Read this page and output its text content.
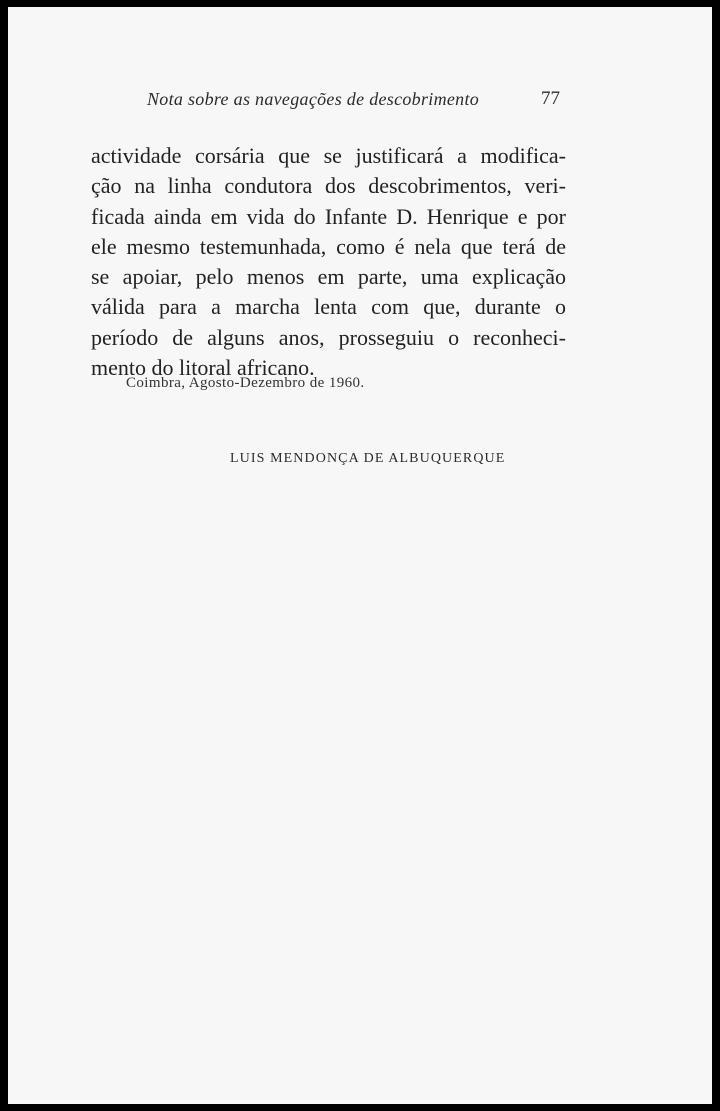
Nota sobre as navegações de descobrimento	77
actividade corsária que se justificará a modifica-
ção na linha condutora dos descobrimentos, veri-
ficada ainda em vida do Infante D. Henrique e por
ele mesmo testemunhada, como é nela que terá de
se apoiar, pelo menos em parte, uma explicação
válida para a marcha lenta com que, durante o
período de alguns anos, prosseguiu o reconheci-
mento do litoral africano.
Coimbra, Agosto-Dezembro de 1960.
LUIS MENDONÇA DE ALBUQUERQUE
